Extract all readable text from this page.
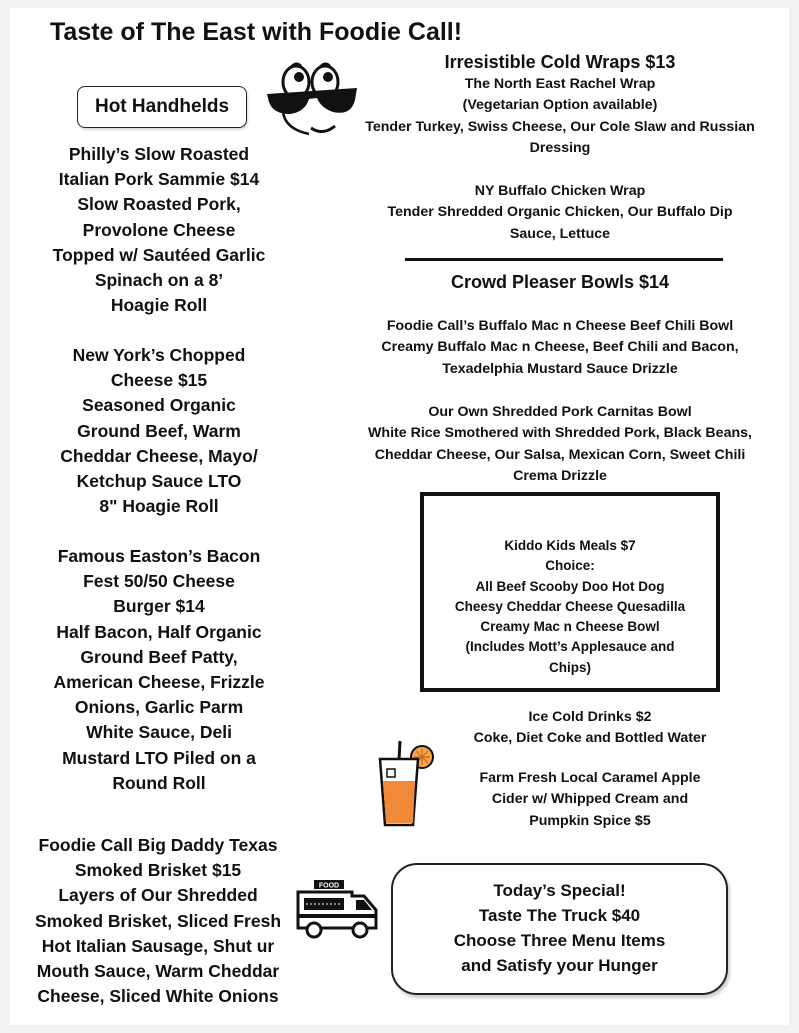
Taste of The East with Foodie Call!
Hot Handhelds
Philly’s Slow Roasted
Italian Pork Sammie $14
Slow Roasted Pork,
Provolone Cheese
Topped w/ Sautéed Garlic
Spinach on a 8’
Hoagie Roll
New York’s Chopped
Cheese $15
Seasoned Organic
Ground Beef, Warm
Cheddar Cheese, Mayo/
Ketchup Sauce LTO
8" Hoagie Roll
Famous Easton’s Bacon
Fest 50/50 Cheese
Burger $14
Half Bacon, Half Organic
Ground Beef Patty,
American Cheese, Frizzle
Onions, Garlic Parm
White Sauce, Deli
Mustard LTO Piled on a
Round Roll
Foodie Call Big Daddy Texas
Smoked Brisket $15
Layers of Our Shredded
Smoked Brisket, Sliced Fresh
Hot Italian Sausage, Shut ur
Mouth Sauce, Warm Cheddar
Cheese, Sliced White Onions
Irresistible Cold Wraps $13
The North East Rachel Wrap
(Vegetarian Option available)
Tender Turkey, Swiss Cheese, Our Cole Slaw and Russian
Dressing
NY Buffalo Chicken Wrap
Tender Shredded Organic Chicken, Our Buffalo Dip
Sauce, Lettuce
Crowd Pleaser Bowls $14
Foodie Call’s Buffalo Mac n Cheese Beef Chili Bowl
Creamy Buffalo Mac n Cheese, Beef Chili and Bacon,
Texadelphia Mustard Sauce Drizzle
Our Own Shredded Pork Carnitas Bowl
White Rice Smothered with Shredded Pork, Black Beans,
Cheddar Cheese, Our Salsa, Mexican Corn, Sweet Chili
Crema Drizzle
Kiddo Kids Meals $7
Choice:
All Beef Scooby Doo Hot Dog
Cheesy Cheddar Cheese Quesadilla
Creamy Mac n Cheese Bowl
(Includes Mott’s Applesauce and
Chips)
Ice Cold Drinks $2
Coke, Diet Coke and Bottled Water
Farm Fresh Local Caramel Apple
Cider w/ Whipped Cream and
Pumpkin Spice $5
FOOD	Today’s Special!
Taste The Truck $40
Choose Three Menu Items
and Satisfy your Hunger
